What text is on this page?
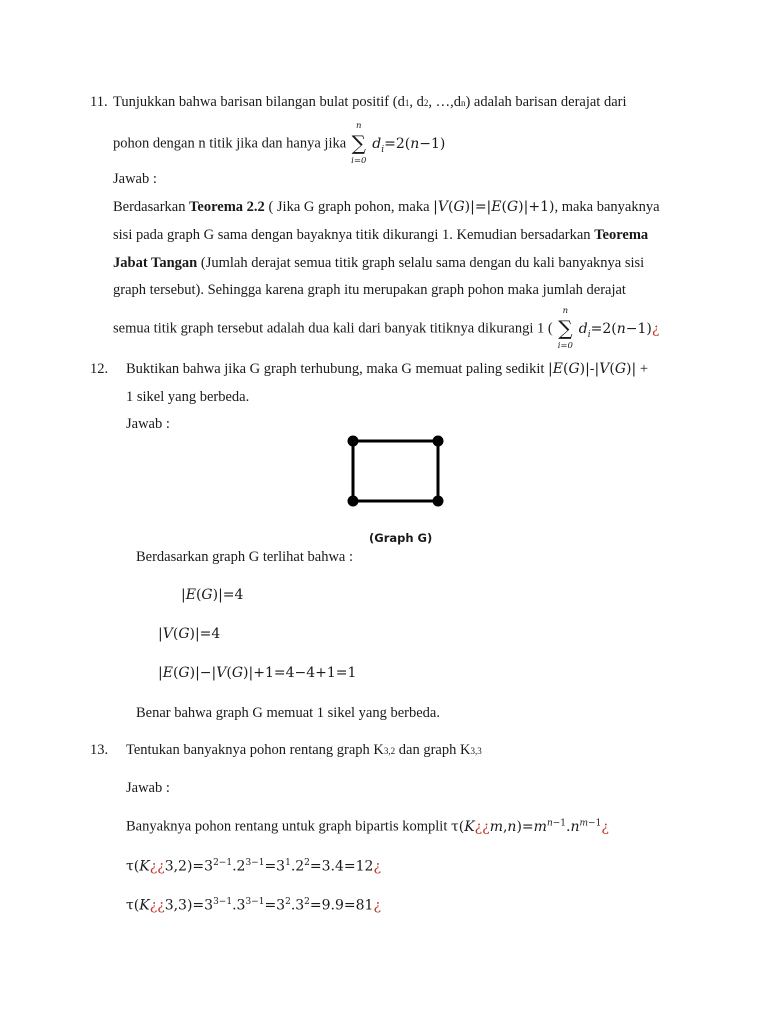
11. Tunjukkan bahwa barisan bilangan bulat positif (d1, d2, …,dn) adalah barisan derajat dari
pohon dengan n titik jika dan hanya jika
n
∑
i=0
$d_i=2(n-1)$
Jawab :
Berdasarkan Teorema 2.2 ( Jika G graph pohon, maka |V(G)|=|E(G)|+1), maka banyaknya
sisi pada graph G sama dengan bayaknya titik dikurangi 1. Kemudian bersadarkan Teorema
Jabat Tangan (Jumlah derajat semua titik graph selalu sama dengan du kali banyaknya sisi
graph tersebut). Sehingga karena graph itu merupakan graph pohon maka jumlah derajat
semua titik graph tersebut adalah dua kali dari banyak titiknya dikurangi 1 (
n
∑
i=0
$d_i=2(n-1)¿$
12. Buktikan bahwa jika G graph terhubung, maka G memuat paling sedikit |E(G)|-|V(G)| +
1 sikel yang berbeda.
Jawab :
(Graph G)
Berdasarkan graph G terlihat bahwa :
|E(G)|=4
|V(G)|=4
|E(G)|−|V(G)|+1=4−4+1=1
Benar bahwa graph G memuat 1 sikel yang berbeda.
13. Tentukan banyaknya pohon rentang graph K3,2 dan graph K3,3
Jawab :
Banyaknya pohon rentang untuk graph bipartis komplit $\tau(K¿¿m,n)=m^{n-1}.n^{m-1}¿$
$\tau(K¿¿3,2)=3^{2-1}.2^{3-1}=3^1.2^2=3.4=12¿$
$\tau(K¿¿3,3)=3^{3-1}.3^{3-1}=3^2.3^2=9.9=81¿$
